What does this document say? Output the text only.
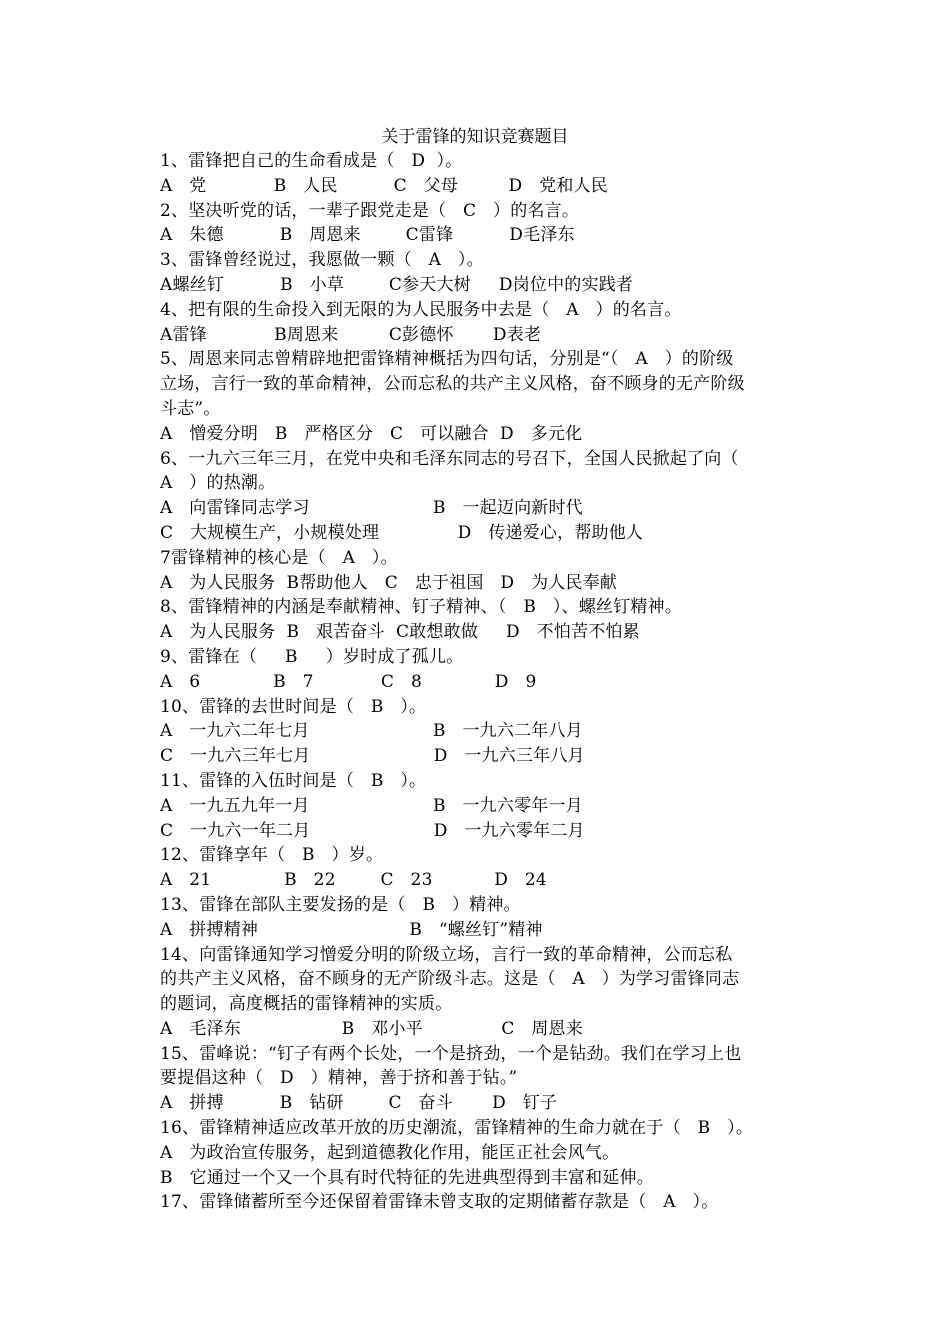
关于雷锋的知识竞赛题目
1、雷锋把自己的生命看成是（   D  ）。
A   党            B   人民          C   父母         D   党和人民
2、坚决听党的话，一辈子跟党走是（   C   ）的名言。
A   朱德          B   周恩来        C雷锋          D毛泽东
3、雷锋曾经说过，我愿做一颗（   A   ）。
A螺丝钉          B   小草        C参天大树     D岗位中的实践者
4、把有限的生命投入到无限的为人民服务中去是（   A   ）的名言。
A雷锋            B周恩来         C彭德怀       D表老
5、周恩来同志曾精辟地把雷锋精神概括为四句话，分别是“（   A   ）的阶级
立场，言行一致的革命精神，公而忘私的共产主义风格，奋不顾身的无产阶级
斗志”。
A   憎爱分明   B   严格区分   C   可以融合  D   多元化
6、一九六三年三月，在党中央和毛泽东同志的号召下，全国人民掀起了向（
A   ）的热潮。
A   向雷锋同志学习                      B   一起迈向新时代
C   大规模生产，小规模处理              D   传递爱心，帮助他人
7雷锋精神的核心是（   A   ）。
A   为人民服务  B帮助他人   C   忠于祖国   D   为人民奉献
8、雷锋精神的内涵是奉献精神、钉子精神、（   B   ）、螺丝钉精神。
A   为人民服务  B   艰苦奋斗  C敢想敢做     D   不怕苦不怕累
9、雷锋在（     B     ）岁时成了孤儿。
A   6             B   7            C   8             D   9
10、雷锋的去世时间是（   B   ）。
A   一九六二年七月                      B   一九六二年八月
C   一九六三年七月                      D   一九六三年八月
11、雷锋的入伍时间是（   B   ）。
A   一九五九年一月                      B   一九六零年一月
C   一九六一年二月                      D   一九六零年二月
12、雷锋享年（   B   ）岁。
A   21             B   22        C   23           D   24
13、雷锋在部队主要发扬的是（   B   ）精神。
A   拼搏精神                           B   “螺丝钉”精神
14、向雷锋通知学习憎爱分明的阶级立场，言行一致的革命精神，公而忘私
的共产主义风格，奋不顾身的无产阶级斗志。这是（   A   ）为学习雷锋同志
的题词，高度概括的雷锋精神的实质。
A   毛泽东                  B   邓小平              C   周恩来
15、雷峰说：“钉子有两个长处，一个是挤劲，一个是钻劲。我们在学习上也
要提倡这种（   D   ）精神，善于挤和善于钻。”
A   拼搏          B   钻研        C   奋斗       D   钉子
16、雷锋精神适应改革开放的历史潮流，雷锋精神的生命力就在于（   B   ）。
A   为政治宣传服务，起到道德教化作用，能匡正社会风气。
B   它通过一个又一个具有时代特征的先进典型得到丰富和延伸。
17、雷锋储蓄所至今还保留着雷锋未曾支取的定期储蓄存款是（   A   ）。
